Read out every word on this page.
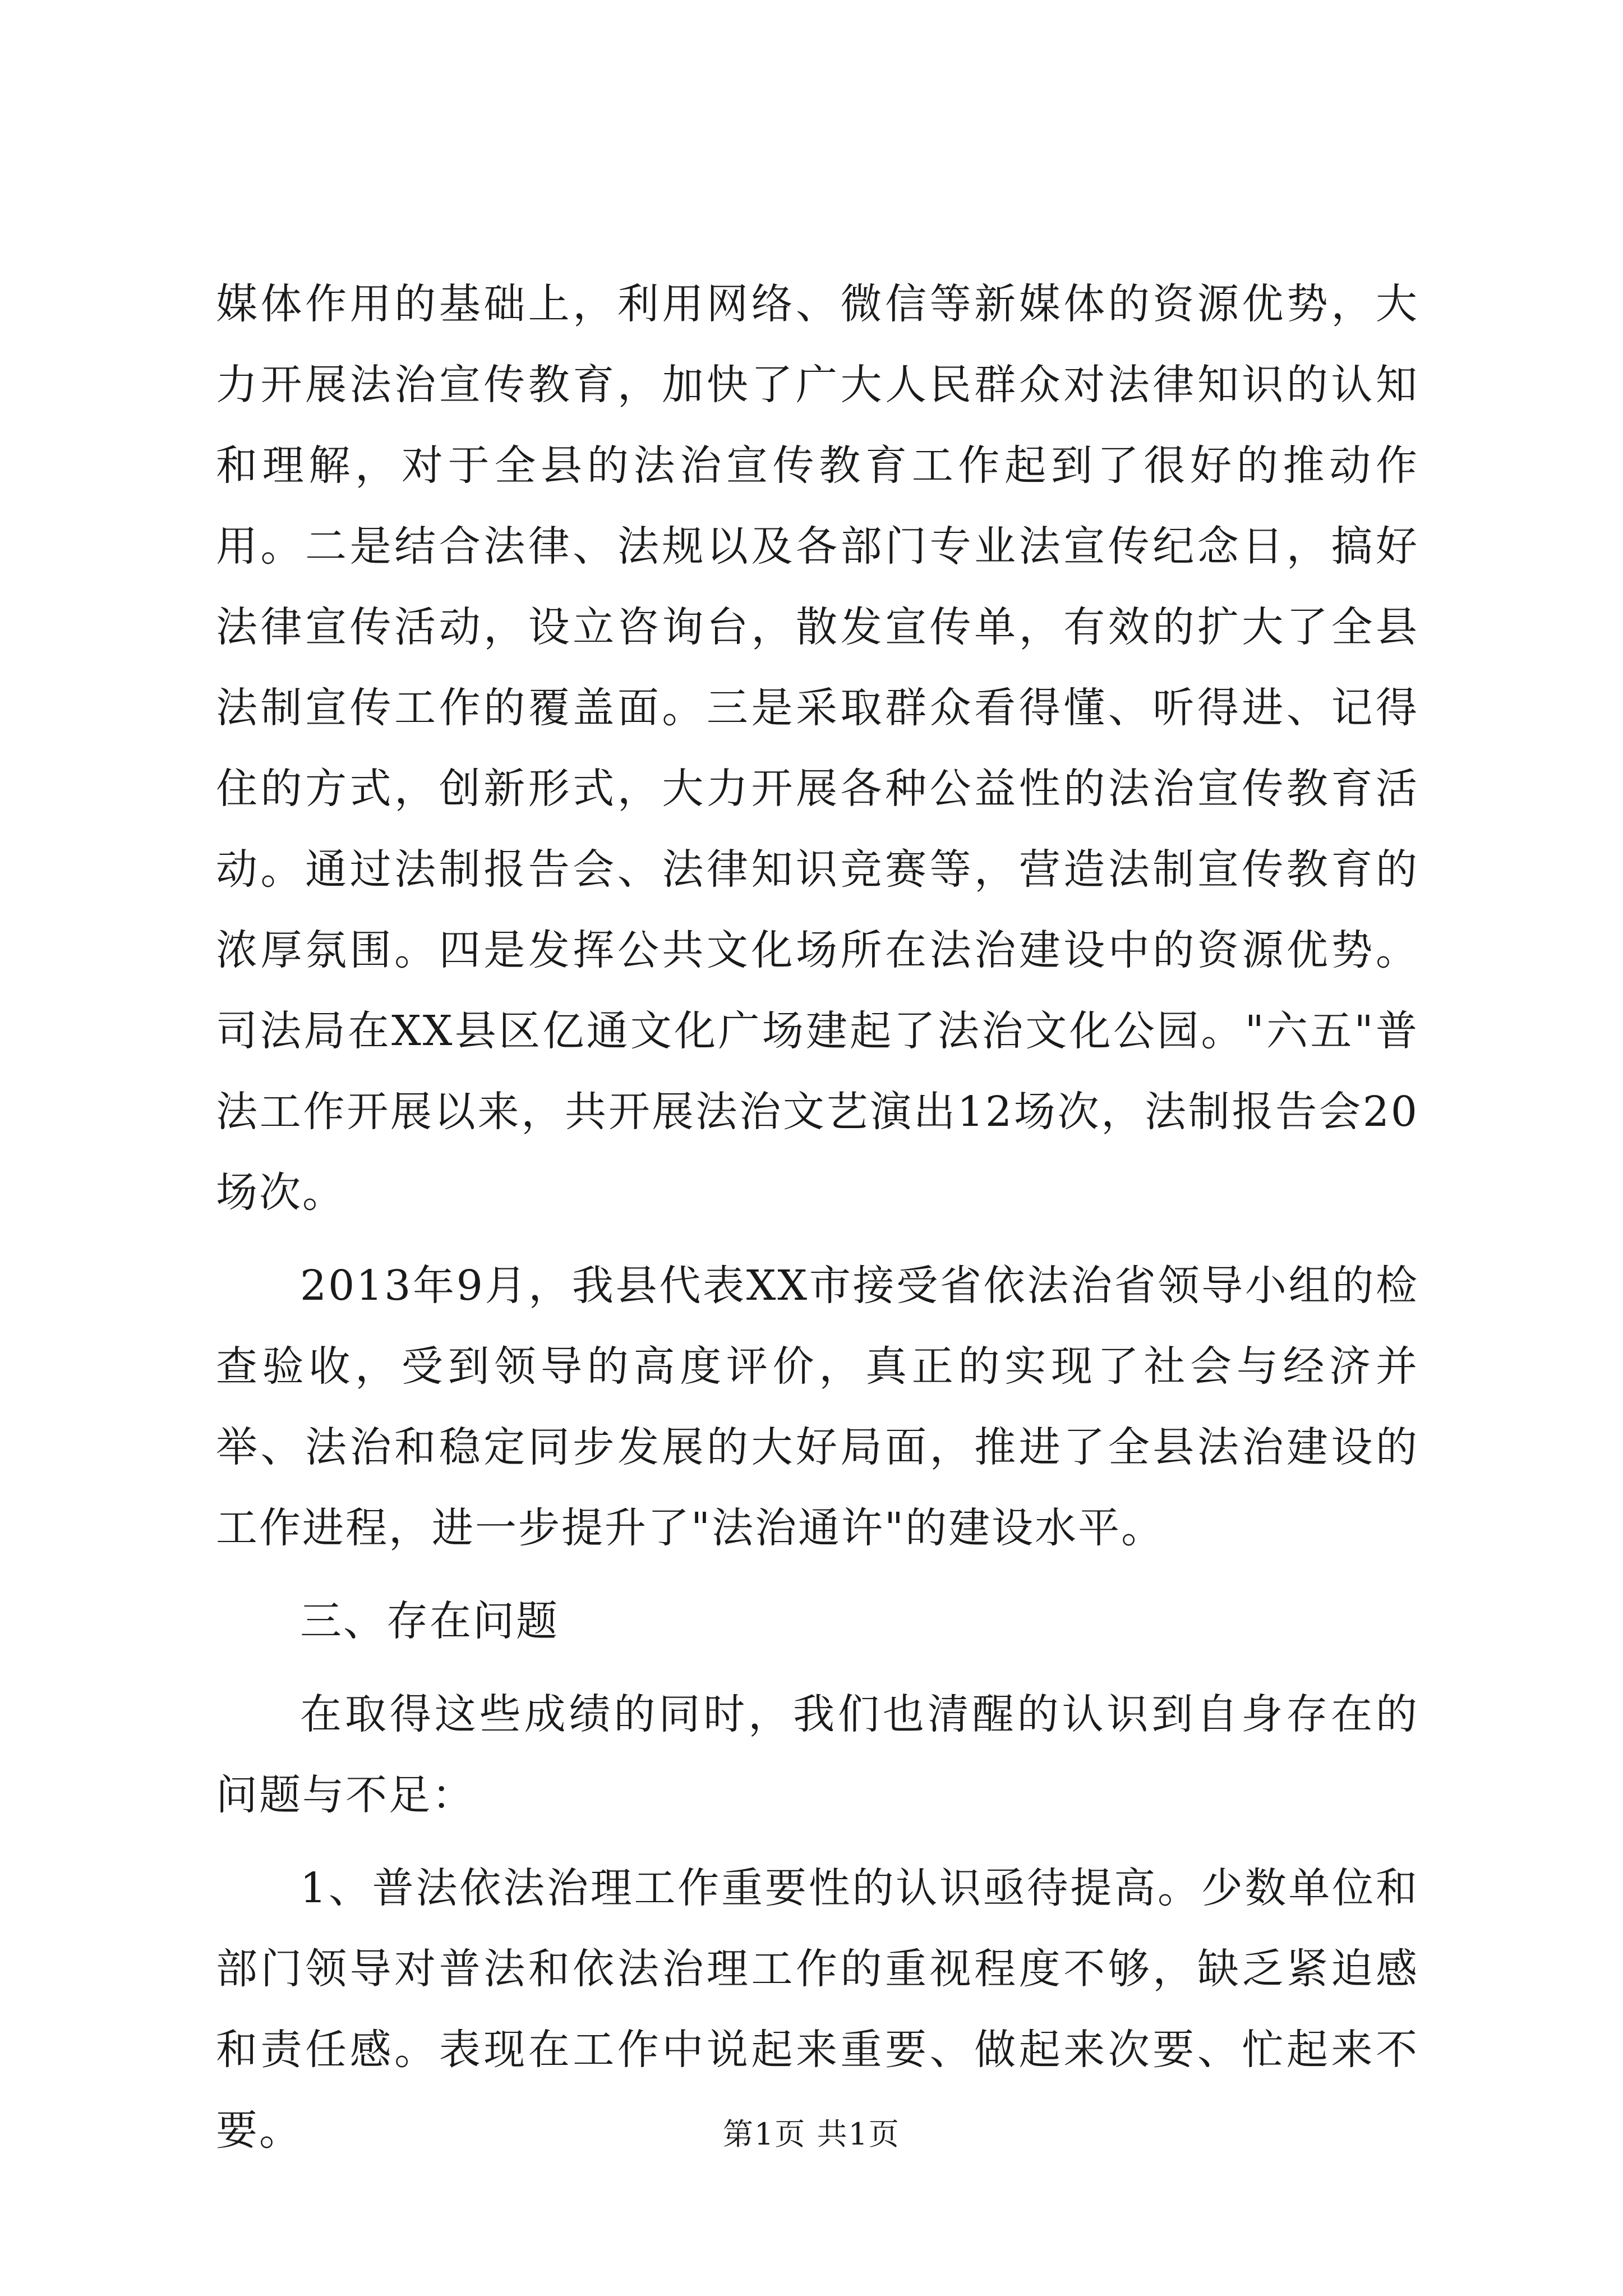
媒体作用的基础上，利用网络、微信等新媒体的资源优势，大力开展法治宣传教育，加快了广大人民群众对法律知识的认知和理解，对于全县的法治宣传教育工作起到了很好的推动作用。二是结合法律、法规以及各部门专业法宣传纪念日，搞好法律宣传活动，设立咨询台，散发宣传单，有效的扩大了全县法制宣传工作的覆盖面。三是采取群众看得懂、听得进、记得住的方式，创新形式，大力开展各种公益性的法治宣传教育活动。通过法制报告会、法律知识竞赛等，营造法制宣传教育的浓厚氛围。四是发挥公共文化场所在法治建设中的资源优势。司法局在XX县区亿通文化广场建起了法治文化公园。"六五"普法工作开展以来，共开展法治文艺演出12场次，法制报告会20场次。

2013年9月，我县代表XX市接受省依法治省领导小组的检查验收，受到领导的高度评价，真正的实现了社会与经济并举、法治和稳定同步发展的大好局面，推进了全县法治建设的工作进程，进一步提升了"法治通许"的建设水平。

三、存在问题

在取得这些成绩的同时，我们也清醒的认识到自身存在的问题与不足：

1、普法依法治理工作重要性的认识亟待提高。少数单位和部门领导对普法和依法治理工作的重视程度不够，缺乏紧迫感和责任感。表现在工作中说起来重要、做起来次要、忙起来不要。	第1页 共1页
